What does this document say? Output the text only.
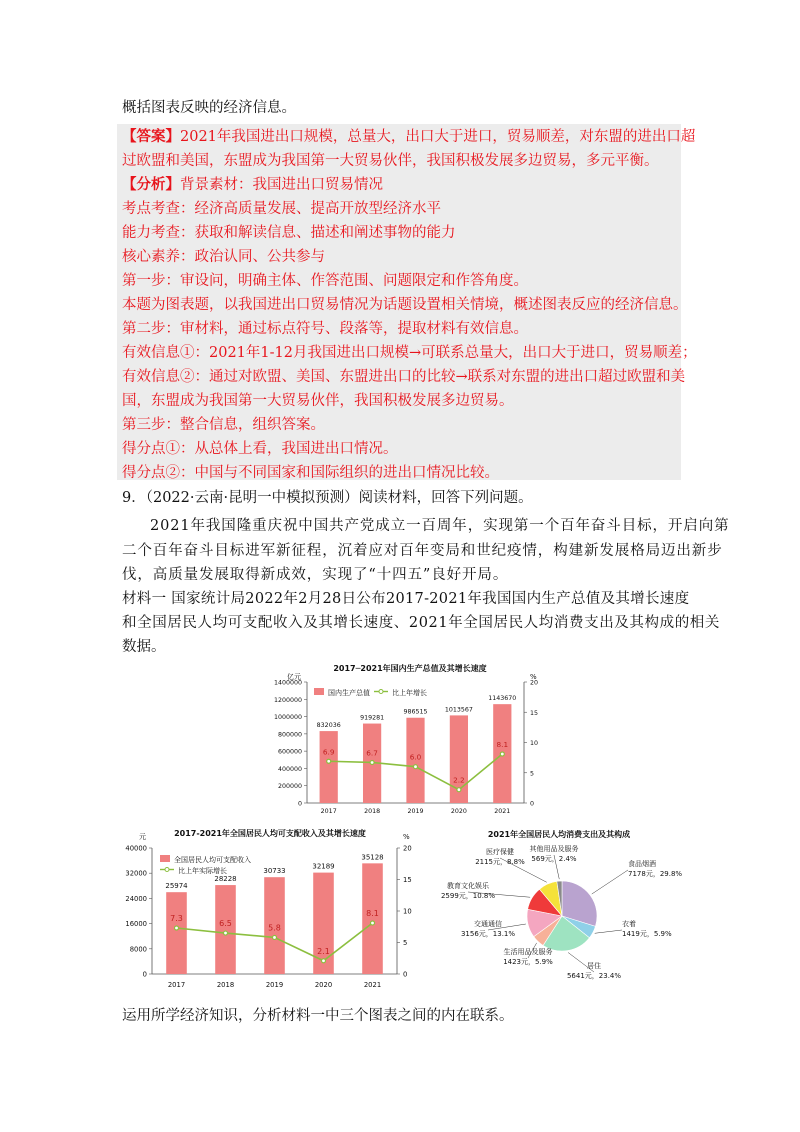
概括图表反映的经济信息。
【答案】2021年我国进出口规模，总量大，出口大于进口，贸易顺差，对东盟的进出口超
过欧盟和美国，东盟成为我国第一大贸易伙伴，我国积极发展多边贸易，多元平衡。
【分析】背景素材：我国进出口贸易情况
考点考查：经济高质量发展、提高开放型经济水平
能力考查：获取和解读信息、描述和阐述事物的能力
核心素养：政治认同、公共参与
第一步：审设问，明确主体、作答范围、问题限定和作答角度。
本题为图表题，以我国进出口贸易情况为话题设置相关情境，概述图表反应的经济信息。
第二步：审材料，通过标点符号、段落等，提取材料有效信息。
有效信息①：2021年1-12月我国进出口规模→可联系总量大，出口大于进口，贸易顺差；
有效信息②：通过对欧盟、美国、东盟进出口的比较→联系对东盟的进出口超过欧盟和美
国，东盟成为我国第一大贸易伙伴，我国积极发展多边贸易。
第三步：整合信息，组织答案。
得分点①：从总体上看，我国进出口情况。
得分点②：中国与不同国家和国际组织的进出口情况比较。
9．（2022·云南·昆明一中模拟预测）阅读材料，回答下列问题。
2021年我国隆重庆祝中国共产党成立一百周年，实现第一个百年奋斗目标，开启向第
二个百年奋斗目标进军新征程，沉着应对百年变局和世纪疫情，构建新发展格局迈出新步
伐，高质量发展取得新成效，实现了“十四五”良好开局。
材料一 国家统计局2022年2月28日公布2017-2021年我国国内生产总值及其增长速度
和全国居民人均可支配收入及其增长速度、2021年全国居民人均消费支出及其构成的相关
数据。
2017─2021年国内生产总值及其增长速度
亿元	%
0
200000
400000
600000
800000
1000000
1200000
1400000
0
5
10
15
20
832036
919281
986515	1013567
1143670
2017	2018	2019	2020	2021
6.9	6.7	6.0
2.2
8.1
国内生产总值	比上年增长
2017-2021年全国居民人均可支配收入及其增长速度
元	%
0
8000
16000
24000
32000
40000
0
5
10
15
20
25974
28228
30733
32189
35128
2017	2018	2019	2020	2021
7.3
6.5	5.8
2.1
8.1
全国居民人均可支配收入
比上年实际增长
2021年全国居民人均消费支出及其构成
食品烟酒
7178元，29.8%
衣着
1419元，5.9%
居住
5641元，23.4%
生活用品及服务
1423元，5.9%
交通通信
3156元，13.1%
教育文化娱乐
2599元，10.8%
医疗保健
2115元，8.8%
其他用品及服务
569元，2.4%
运用所学经济知识，分析材料一中三个图表之间的内在联系。
